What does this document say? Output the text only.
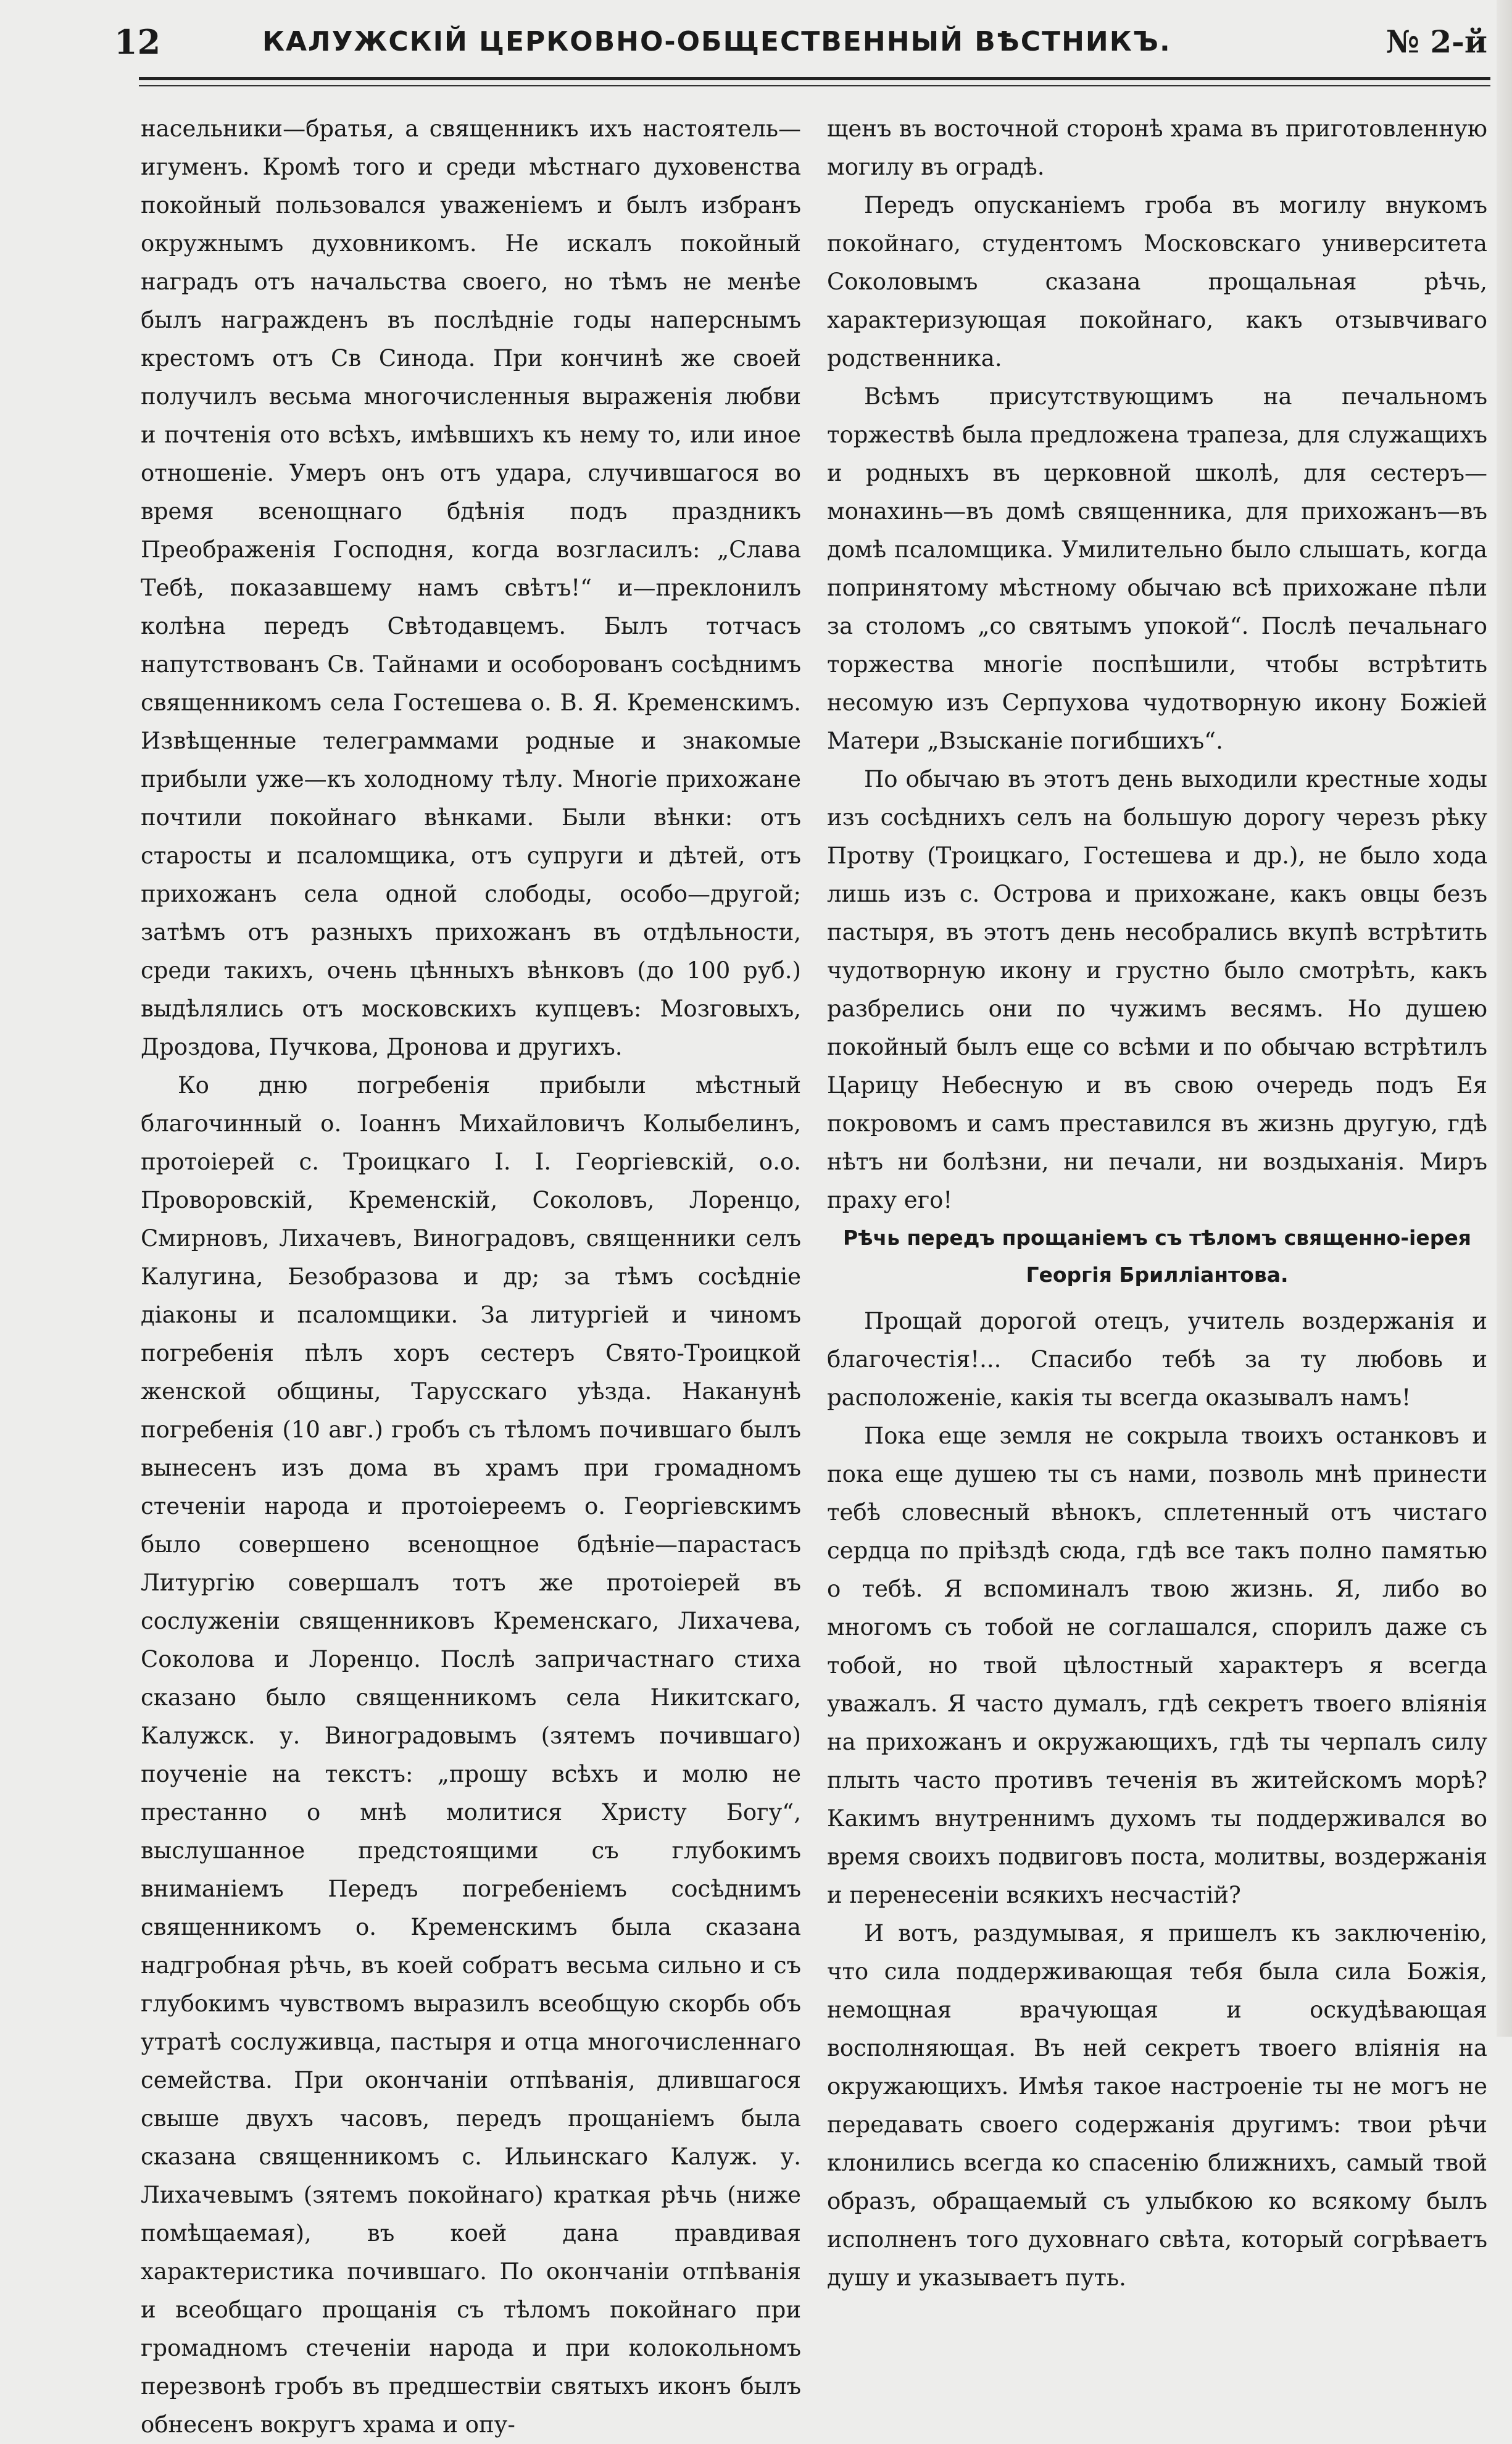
12	КАЛУЖСКІЙ ЦЕРКОВНО-ОБЩЕСТВЕННЫЙ ВѢСТНИКЪ.	№ 2-й

насельники—братья, а священникъ ихъ настоятель—игуменъ. Кромѣ того и среди мѣстнаго духовенства покойный пользовался уваженіемъ и былъ избранъ окружнымъ духовникомъ. Не искалъ покойный наградъ отъ начальства своего, но тѣмъ не менѣе былъ награжденъ въ послѣдніе годы наперснымъ крестомъ отъ Св Синода. При кончинѣ же своей получилъ весьма многочисленныя выраженія любви и почтенія ото всѣхъ, имѣвшихъ къ нему то, или иное отношеніе. Умеръ онъ отъ удара, случившагося во время всенощнаго бдѣнія подъ праздникъ Преображенія Господня, когда возгласилъ: „Слава Тебѣ, показавшему намъ свѣтъ!“ и—преклонилъ колѣна передъ Свѣтодавцемъ. Былъ тотчасъ напутствованъ Св. Тайнами и особорованъ сосѣднимъ священникомъ села Гостешева о. В. Я. Кременскимъ. Извѣщенные телеграммами родные и знакомые прибыли уже—къ холодному тѣлу. Многіе прихожане почтили покойнаго вѣнками. Были вѣнки: отъ старосты и псаломщика, отъ супруги и дѣтей, отъ прихожанъ села одной слободы, особо—другой; затѣмъ отъ разныхъ прихожанъ въ отдѣльности, среди такихъ, очень цѣнныхъ вѣнковъ (до 100 руб.) выдѣлялись отъ московскихъ купцевъ: Мозговыхъ, Дроздова, Пучкова, Дронова и другихъ.

Ко дню погребенія прибыли мѣстный благочинный о. Іоаннъ Михайловичъ Колыбелинъ, протоіерей с. Троицкаго І. І. Георгіевскій, о.о. Проворовскій, Кременскій, Соколовъ, Лоренцо, Смирновъ, Лихачевъ, Виноградовъ, священники селъ Калугина, Безобразова и др; за тѣмъ сосѣдніе діаконы и псаломщики. За литургіей и чиномъ погребенія пѣлъ хоръ сестеръ Свято-Троицкой женской общины, Тарусскаго уѣзда. Наканунѣ погребенія (10 авг.) гробъ съ тѣломъ почившаго былъ вынесенъ изъ дома въ храмъ при громадномъ стеченіи народа и протоіереемъ о. Георгіевскимъ было совершено всенощное бдѣніе—парастасъ Литургію совершалъ тотъ же протоіерей въ сослуженіи священниковъ Кременскаго, Лихачева, Соколова и Лоренцо. Послѣ запричастнаго стиха сказано было священникомъ села Никитскаго, Калужск. у. Виноградовымъ (зятемъ почившаго) поученіе на текстъ: „прошу всѣхъ и молю не престанно о мнѣ молитися Христу Богу“, выслушанное предстоящими съ глубокимъ вниманіемъ Передъ погребеніемъ сосѣднимъ священникомъ о. Кременскимъ была сказана надгробная рѣчь, въ коей собратъ весьма сильно и съ глубокимъ чувствомъ выразилъ всеобщую скорбь объ утратѣ сослуживца, пастыря и отца многочисленнаго семейства. При окончаніи отпѣванія, длившагося свыше двухъ часовъ, передъ прощаніемъ была сказана священникомъ с. Ильинскаго Калуж. у. Лихачевымъ (зятемъ покойнаго) краткая рѣчь (ниже помѣщаемая), въ коей дана правдивая характеристика почившаго. По окончаніи отпѣванія и всеобщаго прощанія съ тѣломъ покойнаго при громадномъ стеченіи народа и при колокольномъ перезвонѣ гробъ въ предшествіи святыхъ иконъ былъ обнесенъ вокругъ храма и опу-

щенъ въ восточной сторонѣ храма въ приготовленную могилу въ оградѣ.

Передъ опусканіемъ гроба въ могилу внукомъ покойнаго, студентомъ Московскаго университета Соколовымъ сказана прощальная рѣчь, характеризующая покойнаго, какъ отзывчиваго родственника.

Всѣмъ присутствующимъ на печальномъ торжествѣ была предложена трапеза, для служащихъ и родныхъ въ церковной школѣ, для сестеръ—монахинь—въ домѣ священника, для прихожанъ—въ домѣ псаломщика. Умилительно было слышать, когда попринятому мѣстному обычаю всѣ прихожане пѣли за столомъ „со святымъ упокой“. Послѣ печальнаго торжества многіе поспѣшили, чтобы встрѣтить несомую изъ Серпухова чудотворную икону Божіей Матери „Взысканіе погибшихъ“.

По обычаю въ этотъ день выходили крестные ходы изъ сосѣднихъ селъ на большую дорогу черезъ рѣку Протву (Троицкаго, Гостешева и др.), не было хода лишь изъ с. Острова и прихожане, какъ овцы безъ пастыря, въ этотъ день несобрались вкупѣ встрѣтить чудотворную икону и грустно было смотрѣть, какъ разбрелись они по чужимъ весямъ. Но душею покойный былъ еще со всѣми и по обычаю встрѣтилъ Царицу Небесную и въ свою очередь подъ Ея покровомъ и самъ преставился въ жизнь другую, гдѣ нѣтъ ни болѣзни, ни печали, ни воздыханія. Миръ праху его!

Рѣчь передъ прощаніемъ съ тѣломъ священно-іерея Георгія Брилліантова.

Прощай дорогой отецъ, учитель воздержанія и благочестія!... Спасибо тебѣ за ту любовь и расположеніе, какія ты всегда оказывалъ намъ!

Пока еще земля не сокрыла твоихъ останковъ и пока еще душею ты съ нами, позволь мнѣ принести тебѣ словесный вѣнокъ, сплетенный отъ чистаго сердца по пріѣздѣ сюда, гдѣ все такъ полно памятью о тебѣ. Я вспоминалъ твою жизнь. Я, либо во многомъ съ тобой не соглашался, спорилъ даже съ тобой, но твой цѣлостный характеръ я всегда уважалъ. Я часто думалъ, гдѣ секретъ твоего вліянія на прихожанъ и окружающихъ, гдѣ ты черпалъ силу плыть часто противъ теченія въ житейскомъ морѣ? Какимъ внутреннимъ духомъ ты поддерживался во время своихъ подвиговъ поста, молитвы, воздержанія и перенесеніи всякихъ несчастій?

И вотъ, раздумывая, я пришелъ къ заключенію, что сила поддерживающая тебя была сила Божія, немощная врачующая и оскудѣвающая восполняющая. Въ ней секретъ твоего вліянія на окружающихъ. Имѣя такое настроеніе ты не могъ не передавать своего содержанія другимъ: твои рѣчи клонились всегда ко спасенію ближнихъ, самый твой образъ, обращаемый съ улыбкою ко всякому былъ исполненъ того духовнаго свѣта, который согрѣваетъ душу и указываетъ путь.
